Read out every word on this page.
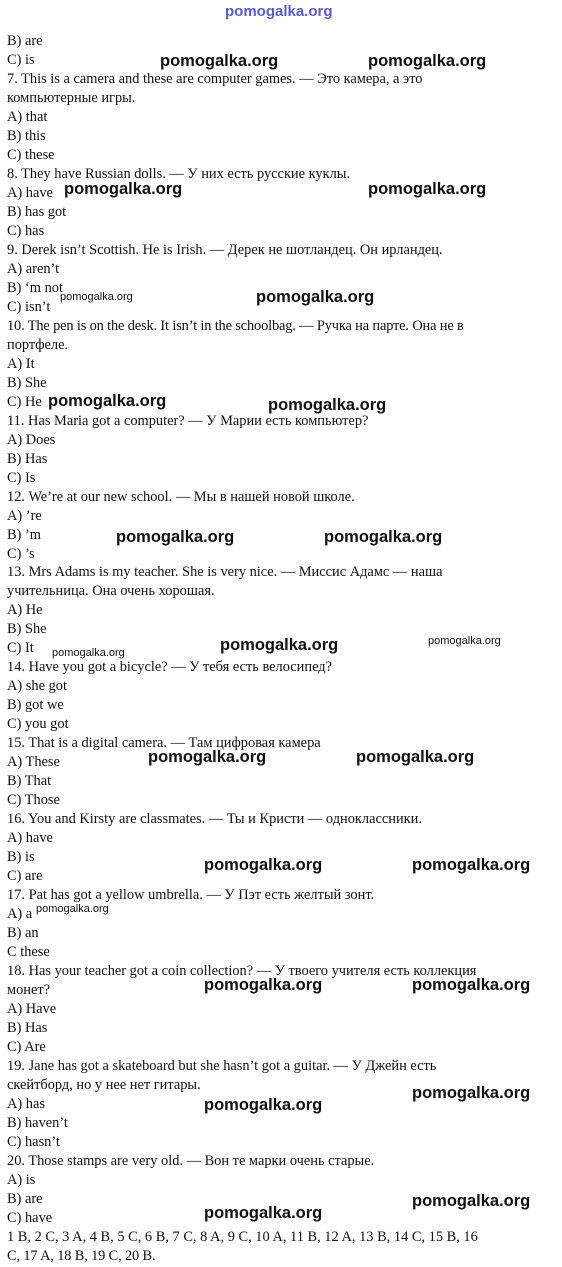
B) are
C) is
7. This is a camera and these are computer games. — Это камера, а это
компьютерные игры.
A) that
B) this
C) these
8. They have Russian dolls. — У них есть русские куклы.
A) have
B) has got
C) has
9. Derek isn’t Scottish. He is Irish. — Дерек не шотландец. Он ирландец.
A) aren’t
B) ‘m not
C) isn’t
10. The pen is on the desk. It isn’t in the schoolbag. — Ручка на парте. Она не в
портфеле.
A) It
B) She
C) He
11. Has Maria got a computer? — У Марии есть компьютер?
A) Does
B) Has
C) Is
12. We’re at our new school. — Мы в нашей новой школе.
A) ’re
B) ’m
C) ’s
13. Mrs Adams is my teacher. She is very nice. — Миссис Адамс — наша
учительница. Она очень хорошая.
A) He
B) She
C) It
14. Have you got a bicycle? — У тебя есть велосипед?
A) she got
B) got we
C) you got
15. That is a digital camera. — Там цифровая камера
A) These
B) That
C) Those
16. You and Kirsty are classmates. — Ты и Кристи — одноклассники.
A) have
B) is
C) are
17. Pat has got a yellow umbrella. — У Пэт есть желтый зонт.
A) a
B) an
C these
18. Has your teacher got a coin collection? — У твоего учителя есть коллекция
монет?
A) Have
B) Has
C) Are
19. Jane has got a skateboard but she hasn’t got a guitar. — У Джейн есть
скейтборд, но у нее нет гитары.
A) has
B) haven’t
C) hasn’t
20. Those stamps are very old. — Вон те марки очень старые.
A) is
B) are
C) have
1 B, 2 C, 3 A, 4 B, 5 C, 6 B, 7 C, 8 A, 9 C, 10 A, 11 B, 12 A, 13 B, 14 C, 15 B, 16
C, 17 A, 18 B, 19 C, 20 B.
pomogalka.org
pomogalka.org	pomogalka.org
pomogalka.org	pomogalka.org
pomogalka.org	pomogalka.org
pomogalka.org	pomogalka.org
pomogalka.org	pomogalka.org
pomogalka.org	pomogalka.org	pomogalka.org
pomogalka.org	pomogalka.org
pomogalka.org	pomogalka.org
pomogalka.org
pomogalka.org	pomogalka.org
pomogalka.org
pomogalka.org
pomogalka.org
pomogalka.org
